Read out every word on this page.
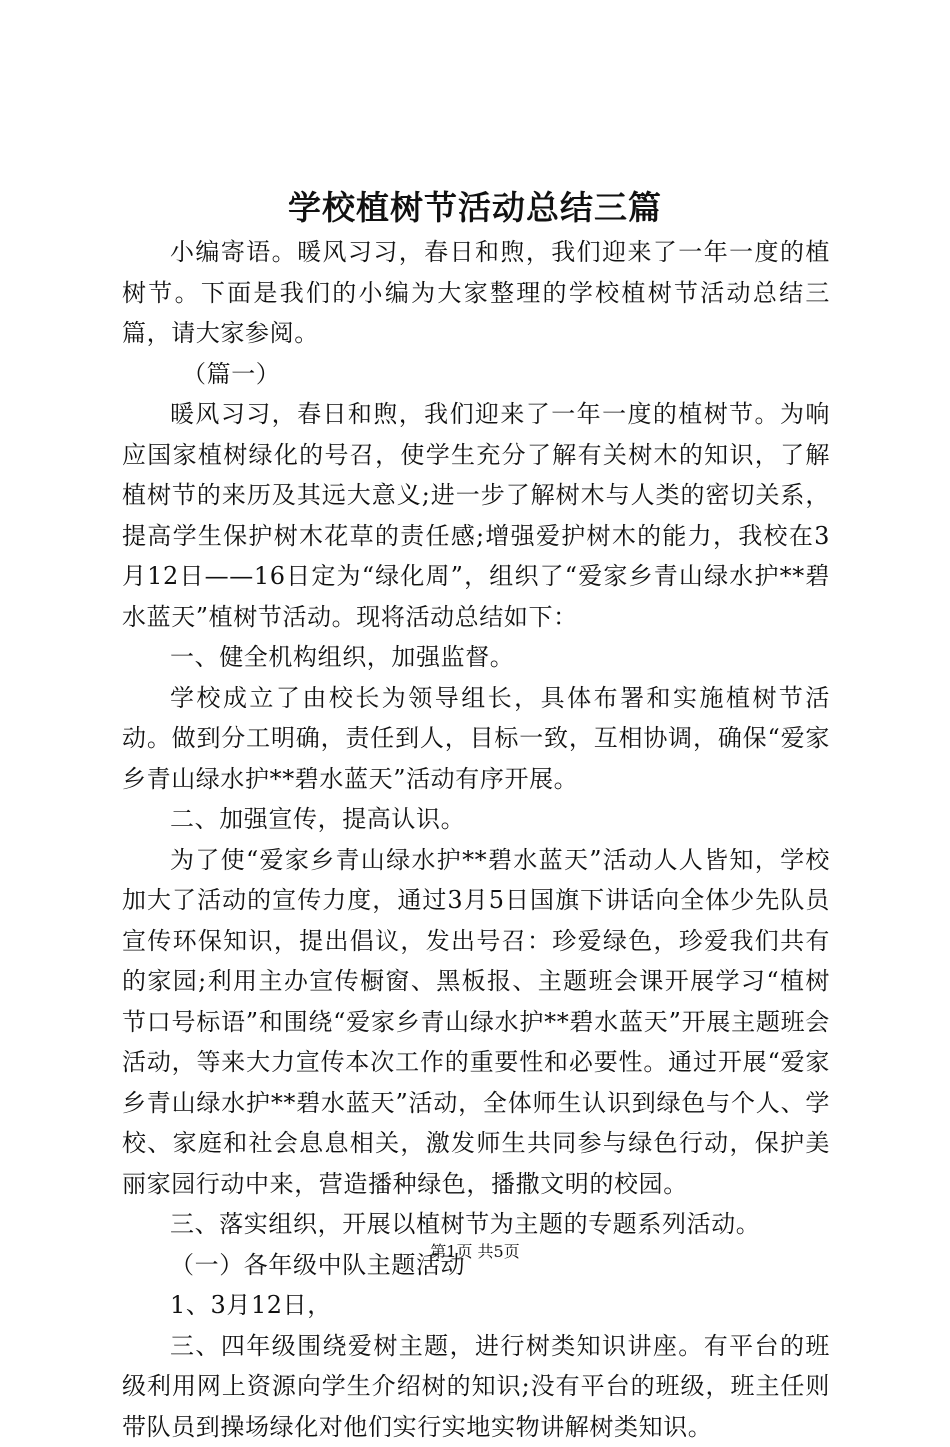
学校植树节活动总结三篇

小编寄语。暖风习习，春日和煦，我们迎来了一年一度的植树节。下面是我们的小编为大家整理的学校植树节活动总结三篇，请大家参阅。

（篇一）

暖风习习，春日和煦，我们迎来了一年一度的植树节。为响应国家植树绿化的号召，使学生充分了解有关树木的知识，了解植树节的来历及其远大意义;进一步了解树木与人类的密切关系，提高学生保护树木花草的责任感;增强爱护树木的能力，我校在3月12日——16日定为“绿化周”，组织了“爱家乡青山绿水护**碧水蓝天”植树节活动。现将活动总结如下：

一、健全机构组织，加强监督。

学校成立了由校长为领导组长，具体布署和实施植树节活动。做到分工明确，责任到人，目标一致，互相协调，确保“爱家乡青山绿水护**碧水蓝天”活动有序开展。

二、加强宣传，提高认识。

为了使“爱家乡青山绿水护**碧水蓝天”活动人人皆知，学校加大了活动的宣传力度，通过3月5日国旗下讲话向全体少先队员宣传环保知识，提出倡议，发出号召：珍爱绿色，珍爱我们共有的家园;利用主办宣传橱窗、黑板报、主题班会课开展学习“植树节口号标语”和围绕“爱家乡青山绿水护**碧水蓝天”开展主题班会活动，等来大力宣传本次工作的重要性和必要性。通过开展“爱家乡青山绿水护**碧水蓝天”活动，全体师生认识到绿色与个人、学校、家庭和社会息息相关，激发师生共同参与绿色行动，保护美丽家园行动中来，营造播种绿色，播撒文明的校园。

三、落实组织，开展以植树节为主题的专题系列活动。

（一）各年级中队主题活动

1、3月12日，

三、四年级围绕爱树主题，进行树类知识讲座。有平台的班级利用网上资源向学生介绍树的知识;没有平台的班级，班主任则带队员到操场绿化对他们实行实地实物讲解树类知识。

第1页 共5页
